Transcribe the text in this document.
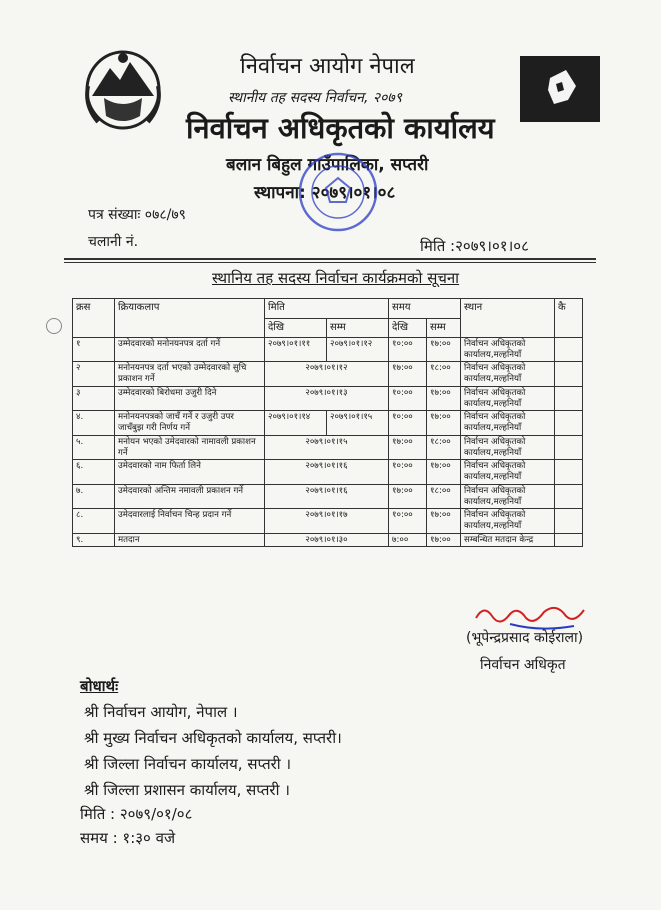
निर्वाचन आयोग नेपाल
स्थानीय तह सदस्य निर्वाचन, २०७९
निर्वाचन अधिकृतको कार्यालय
बलान बिहुल गाउँपालिका, सप्तरी
स्थापना: २०७९।०१।०८
पत्र संख्याः ०७८/७९
चलानी नं.	मिति :२०७९।०१।०८
स्थानिय तह सदस्य निर्वाचन कार्यक्रमको सूचना
क्रस	क्रियाकलाप	मिति		समय		स्थान	कै
		देखि	सम्म	देखि	सम्म		
१	उम्मेदवारको मनोनयनपत्र दर्ता गर्ने	२०७९।०१।११	२०७९।०१।१२	१०:००	१७:००	निर्वाचन अधिकृतको कार्यालय,मल्हनियाँ	
२	मनोनयनपत्र दर्ता भएको उम्मेदवारको सुचि प्रकाशन गर्ने	२०७९।०१।१२		१७:००	१८:००	निर्वाचन अधिकृतको कार्यालय,मल्हनियाँ	
३	उम्मेदवारको बिरोधमा उजुरी दिने	२०७९।०१।१३		१०:००	१७:००	निर्वाचन अधिकृतको कार्यालय,मल्हनियाँ	
४.	मनोनयनपत्रको जाचँ गर्ने र उजुरी उपर जाचँबुझ गरी निर्णय गर्ने	२०७९।०१।१४	२०७९।०१।१५	१०:००	१७:००	निर्वाचन अधिकृतको कार्यालय,मल्हनियाँ	
५.	मनोयन भएको उमेदवारको नामावली प्रकाशन गर्ने	२०७९।०१।१५		१७:००	१८:००	निर्वाचन अधिकृतको कार्यालय,मल्हनियाँ	
६.	उमेदवारको नाम फिर्ता लिने	२०७९।०१।१६		१०:००	१७:००	निर्वाचन अधिकृतको कार्यालय,मल्हनियाँ	
७.	उमेदवारको अन्तिम नमावली प्रकाशन गर्ने	२०७९।०१।१६		१७:००	१८:००	निर्वाचन अधिकृतको कार्यालय,मल्हनियाँ	
८.	उमेदवारलाई निर्वाचन चिन्ह प्रदान गर्ने	२०७९।०१।१७		१०:००	१७:००	निर्वाचन अधिकृतको कार्यालय,मल्हनियाँ	
९.	मतदान	२०७९।०१।३०		७:००	१७:००	सम्बन्धित मतदान केन्द्र	
(भूपेन्द्रप्रसाद कोईराला)
निर्वाचन अधिकृत
बोधार्थः
श्री निर्वाचन आयोग, नेपाल ।
श्री मुख्य निर्वाचन अधिकृतको कार्यालय, सप्तरी।
श्री जिल्ला निर्वाचन कार्यालय, सप्तरी ।
श्री जिल्ला प्रशासन कार्यालय, सप्तरी ।
मिति : २०७९/०१/०८
समय : १:३० वजे
